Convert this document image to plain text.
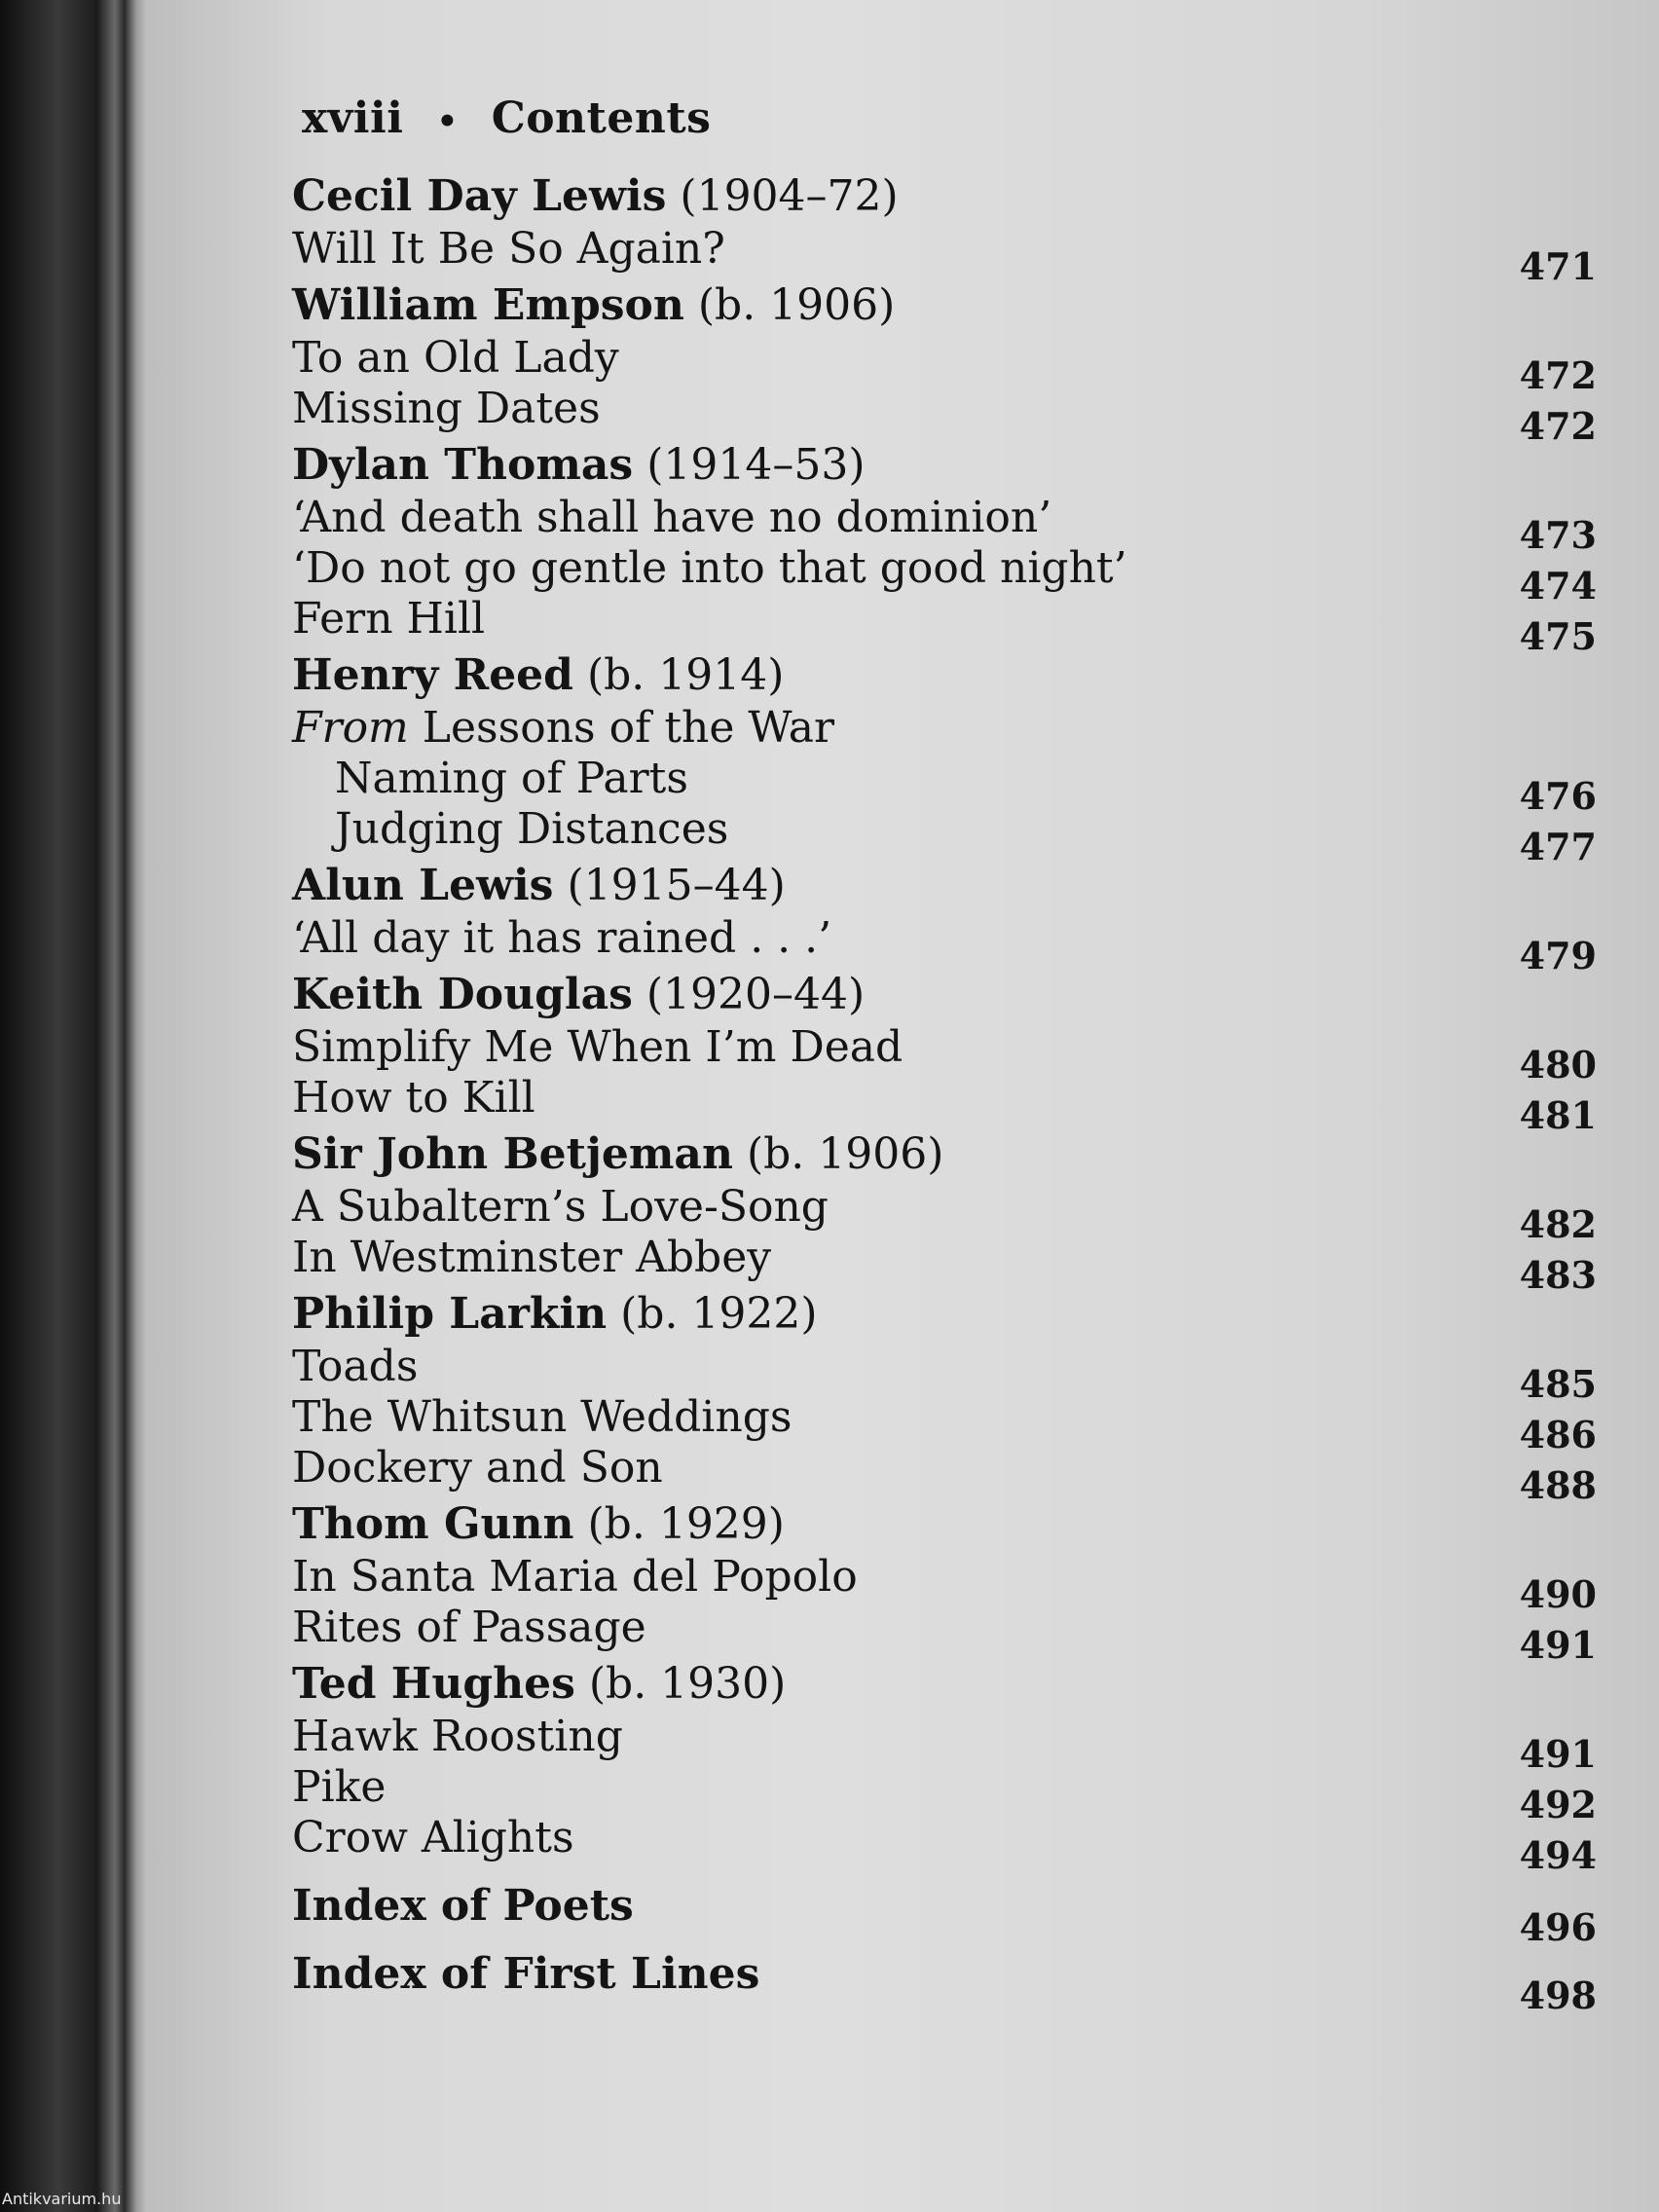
xviii • Contents
Cecil Day Lewis (1904–72)
Will It Be So Again?	471
William Empson (b. 1906)
To an Old Lady	472
Missing Dates	472
Dylan Thomas (1914–53)
‘And death shall have no dominion’	473
‘Do not go gentle into that good night’	474
Fern Hill	475
Henry Reed (b. 1914)
From Lessons of the War
Naming of Parts	476
Judging Distances	477
Alun Lewis (1915–44)
‘All day it has rained . . .’	479
Keith Douglas (1920–44)
Simplify Me When I’m Dead	480
How to Kill	481
Sir John Betjeman (b. 1906)
A Subaltern’s Love-Song	482
In Westminster Abbey	483
Philip Larkin (b. 1922)
Toads	485
The Whitsun Weddings	486
Dockery and Son	488
Thom Gunn (b. 1929)
In Santa Maria del Popolo	490
Rites of Passage	491
Ted Hughes (b. 1930)
Hawk Roosting	491
Pike	492
Crow Alights	494
Index of Poets	496
Index of First Lines	498
Antikvarium.hu
